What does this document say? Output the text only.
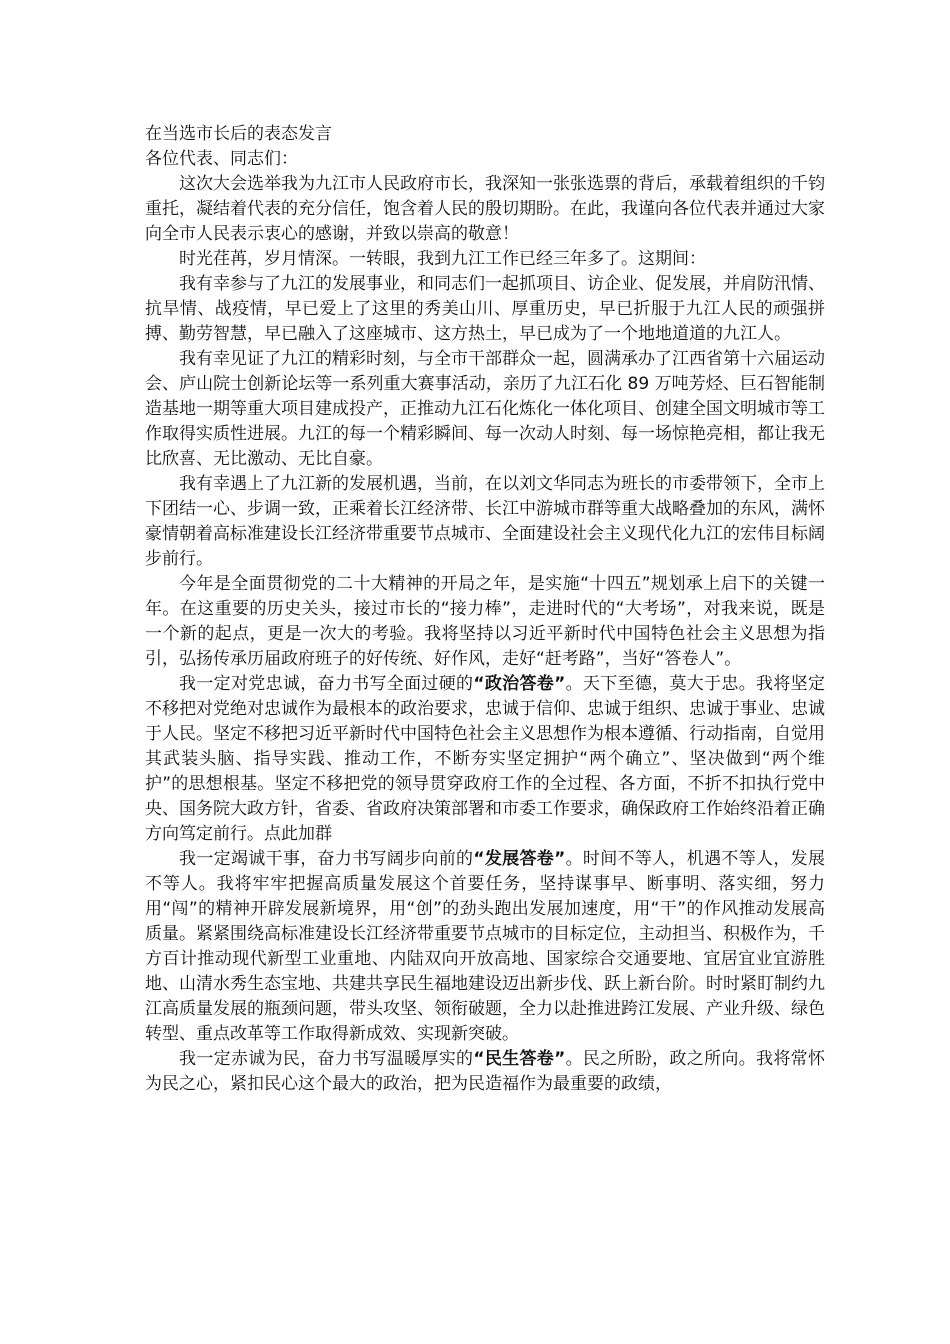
在当选市长后的表态发言

各位代表、同志们：

这次大会选举我为九江市人民政府市长，我深知一张张选票的背后，承载着组织的千钧重托，凝结着代表的充分信任，饱含着人民的殷切期盼。在此，我谨向各位代表并通过大家向全市人民表示衷心的感谢，并致以崇高的敬意！

时光荏苒，岁月情深。一转眼，我到九江工作已经三年多了。这期间：

我有幸参与了九江的发展事业，和同志们一起抓项目、访企业、促发展，并肩防汛情、抗旱情、战疫情，早已爱上了这里的秀美山川、厚重历史，早已折服于九江人民的顽强拼搏、勤劳智慧，早已融入了这座城市、这方热土，早已成为了一个地地道道的九江人。

我有幸见证了九江的精彩时刻，与全市干部群众一起，圆满承办了江西省第十六届运动会、庐山院士创新论坛等一系列重大赛事活动，亲历了九江石化 89 万吨芳烃、巨石智能制造基地一期等重大项目建成投产，正推动九江石化炼化一体化项目、创建全国文明城市等工作取得实质性进展。九江的每一个精彩瞬间、每一次动人时刻、每一场惊艳亮相，都让我无比欣喜、无比激动、无比自豪。

我有幸遇上了九江新的发展机遇，当前，在以刘文华同志为班长的市委带领下，全市上下团结一心、步调一致，正乘着长江经济带、长江中游城市群等重大战略叠加的东风，满怀豪情朝着高标准建设长江经济带重要节点城市、全面建设社会主义现代化九江的宏伟目标阔步前行。

今年是全面贯彻党的二十大精神的开局之年，是实施“十四五”规划承上启下的关键一年。在这重要的历史关头，接过市长的“接力棒”，走进时代的“大考场”，对我来说，既是一个新的起点，更是一次大的考验。我将坚持以习近平新时代中国特色社会主义思想为指引，弘扬传承历届政府班子的好传统、好作风，走好“赶考路”，当好“答卷人”。

我一定对党忠诚，奋力书写全面过硬的“政治答卷”。天下至德，莫大于忠。我将坚定不移把对党绝对忠诚作为最根本的政治要求，忠诚于信仰、忠诚于组织、忠诚于事业、忠诚于人民。坚定不移把习近平新时代中国特色社会主义思想作为根本遵循、行动指南，自觉用其武装头脑、指导实践、推动工作，不断夯实坚定拥护“两个确立”、坚决做到“两个维护”的思想根基。坚定不移把党的领导贯穿政府工作的全过程、各方面，不折不扣执行党中央、国务院大政方针，省委、省政府决策部署和市委工作要求，确保政府工作始终沿着正确方向笃定前行。点此加群

我一定竭诚干事，奋力书写阔步向前的“发展答卷”。时间不等人，机遇不等人，发展不等人。我将牢牢把握高质量发展这个首要任务，坚持谋事早、断事明、落实细，努力用“闯”的精神开辟发展新境界，用“创”的劲头跑出发展加速度，用“干”的作风推动发展高质量。紧紧围绕高标准建设长江经济带重要节点城市的目标定位，主动担当、积极作为，千方百计推动现代新型工业重地、内陆双向开放高地、国家综合交通要地、宜居宜业宜游胜地、山清水秀生态宝地、共建共享民生福地建设迈出新步伐、跃上新台阶。时时紧盯制约九江高质量发展的瓶颈问题，带头攻坚、领衔破题，全力以赴推进跨江发展、产业升级、绿色转型、重点改革等工作取得新成效、实现新突破。

我一定赤诚为民，奋力书写温暖厚实的“民生答卷”。民之所盼，政之所向。我将常怀为民之心，紧扣民心这个最大的政治，把为民造福作为最重要的政绩，
